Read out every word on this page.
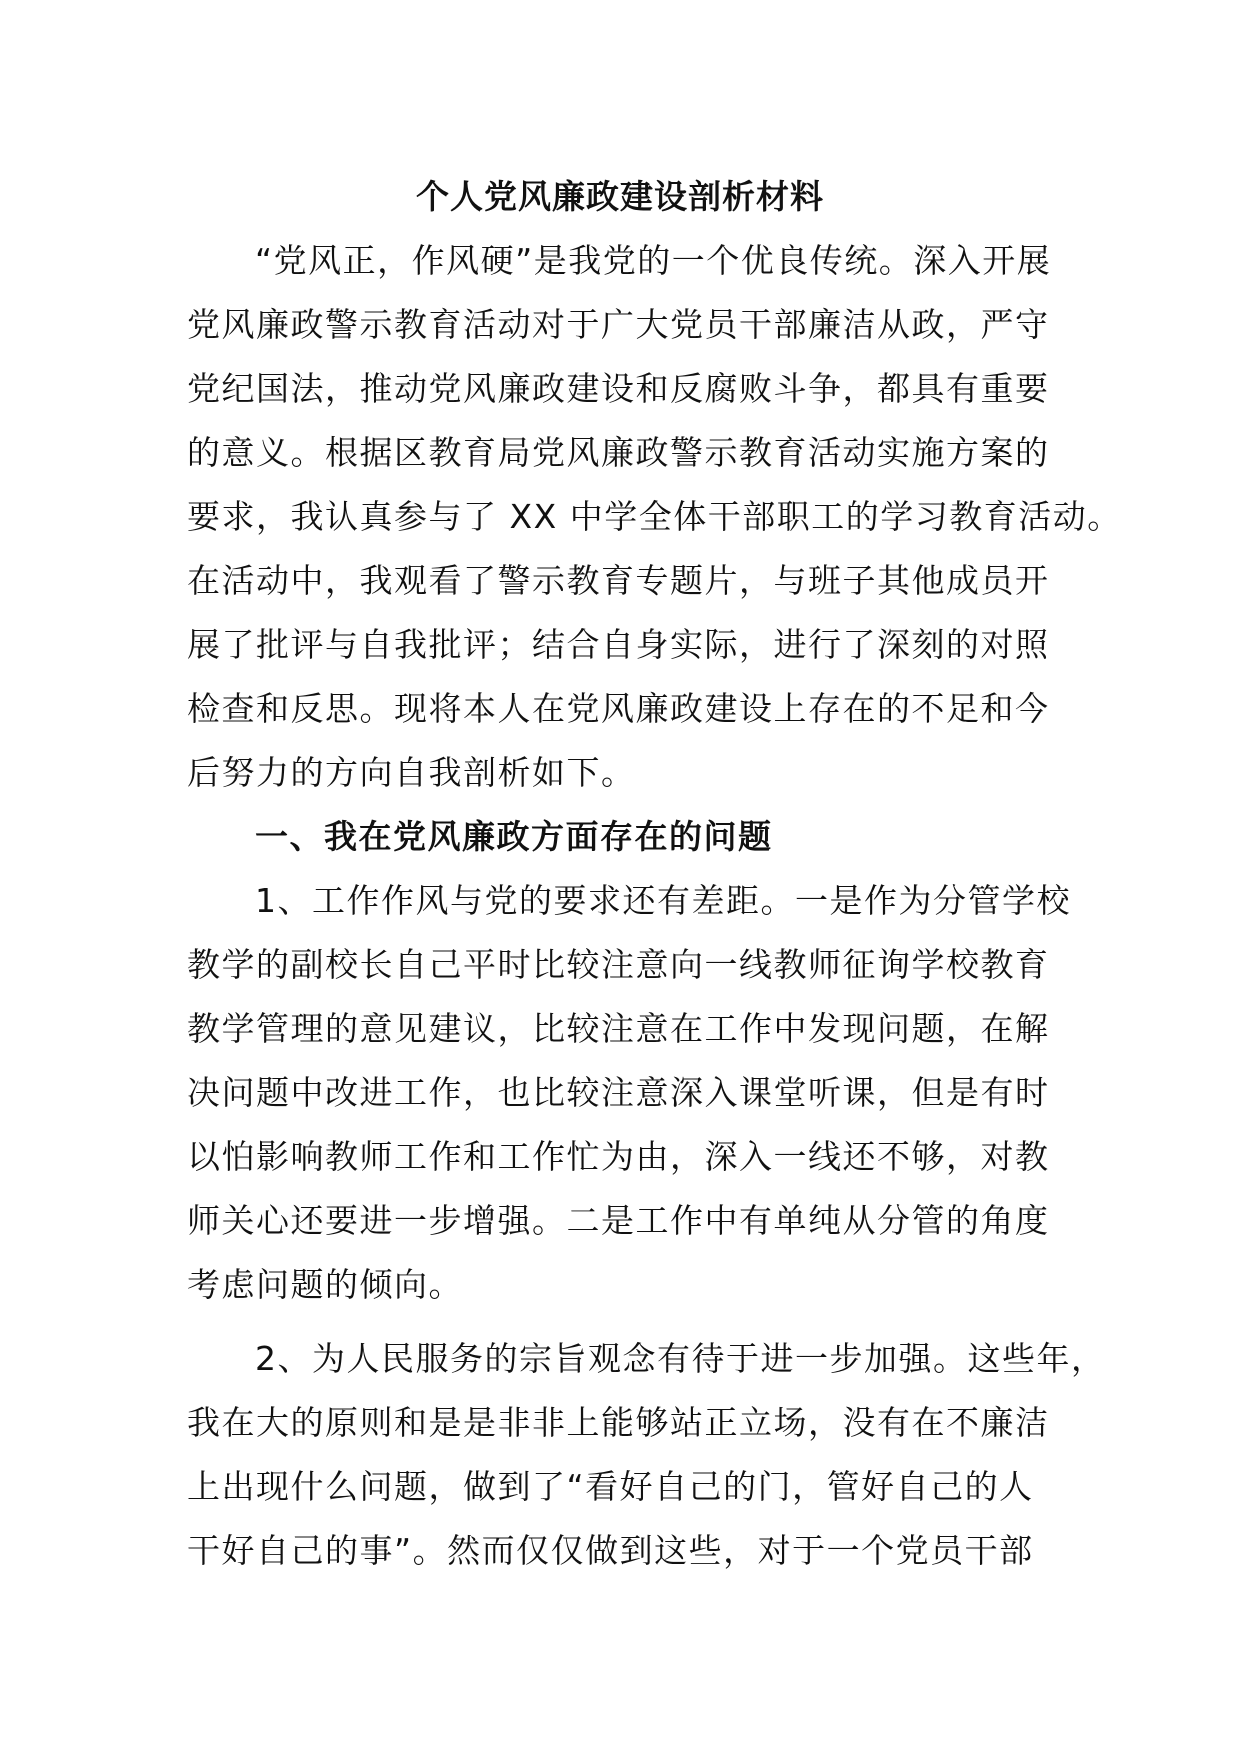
个人党风廉政建设剖析材料
“党风正，作风硬”是我党的一个优良传统。深入开展
党风廉政警示教育活动对于广大党员干部廉洁从政，严守
党纪国法，推动党风廉政建设和反腐败斗争，都具有重要
的意义。根据区教育局党风廉政警示教育活动实施方案的
要求，我认真参与了 XX 中学全体干部职工的学习教育活动。
在活动中，我观看了警示教育专题片，与班子其他成员开
展了批评与自我批评；结合自身实际，进行了深刻的对照
检查和反思。现将本人在党风廉政建设上存在的不足和今
后努力的方向自我剖析如下。
一、我在党风廉政方面存在的问题
1、工作作风与党的要求还有差距。一是作为分管学校
教学的副校长自己平时比较注意向一线教师征询学校教育
教学管理的意见建议，比较注意在工作中发现问题，在解
决问题中改进工作，也比较注意深入课堂听课，但是有时
以怕影响教师工作和工作忙为由，深入一线还不够，对教
师关心还要进一步增强。二是工作中有单纯从分管的角度
考虑问题的倾向。
2、为人民服务的宗旨观念有待于进一步加强。这些年，
我在大的原则和是是非非上能够站正立场，没有在不廉洁
上出现什么问题，做到了“看好自己的门，管好自己的人
干好自己的事”。然而仅仅做到这些，对于一个党员干部
